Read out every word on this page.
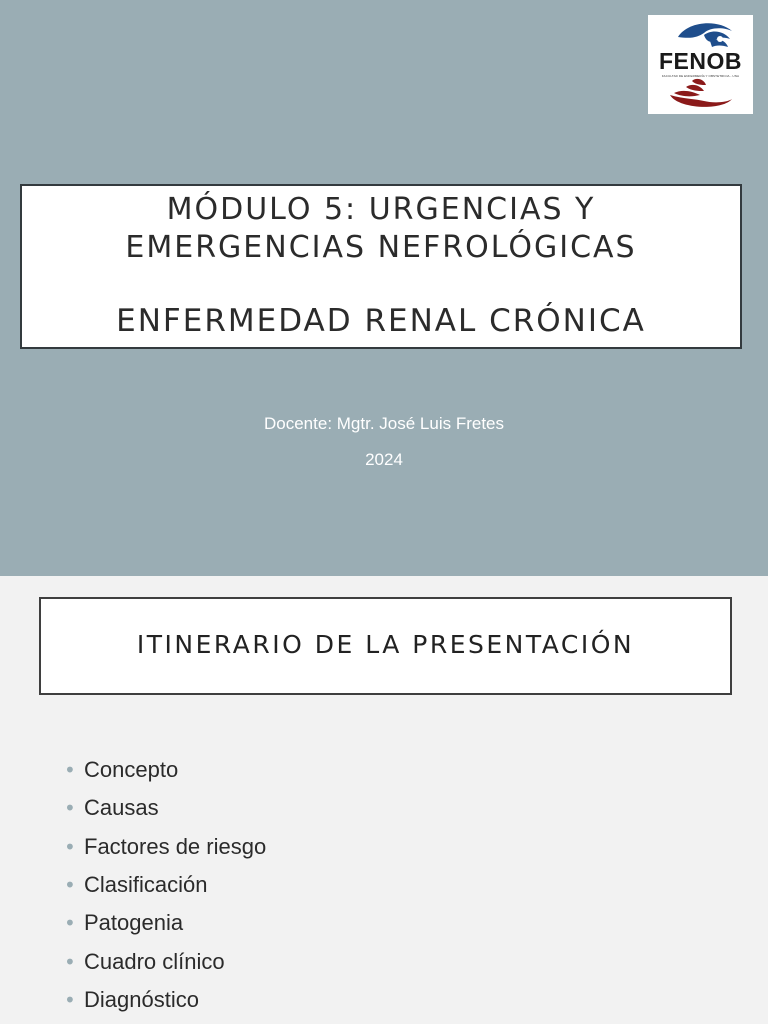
FENOB
FACULTAD DE ENFERMERÍA Y OBSTETRICIA - UNA
MÓDULO 5: URGENCIAS Y
EMERGENCIAS NEFROLÓGICAS
ENFERMEDAD RENAL CRÓNICA
Docente: Mgtr. José Luis Fretes
2024
ITINERARIO DE LA PRESENTACIÓN
• Concepto
• Causas
• Factores de riesgo
• Clasificación
• Patogenia
• Cuadro clínico
• Diagnóstico
